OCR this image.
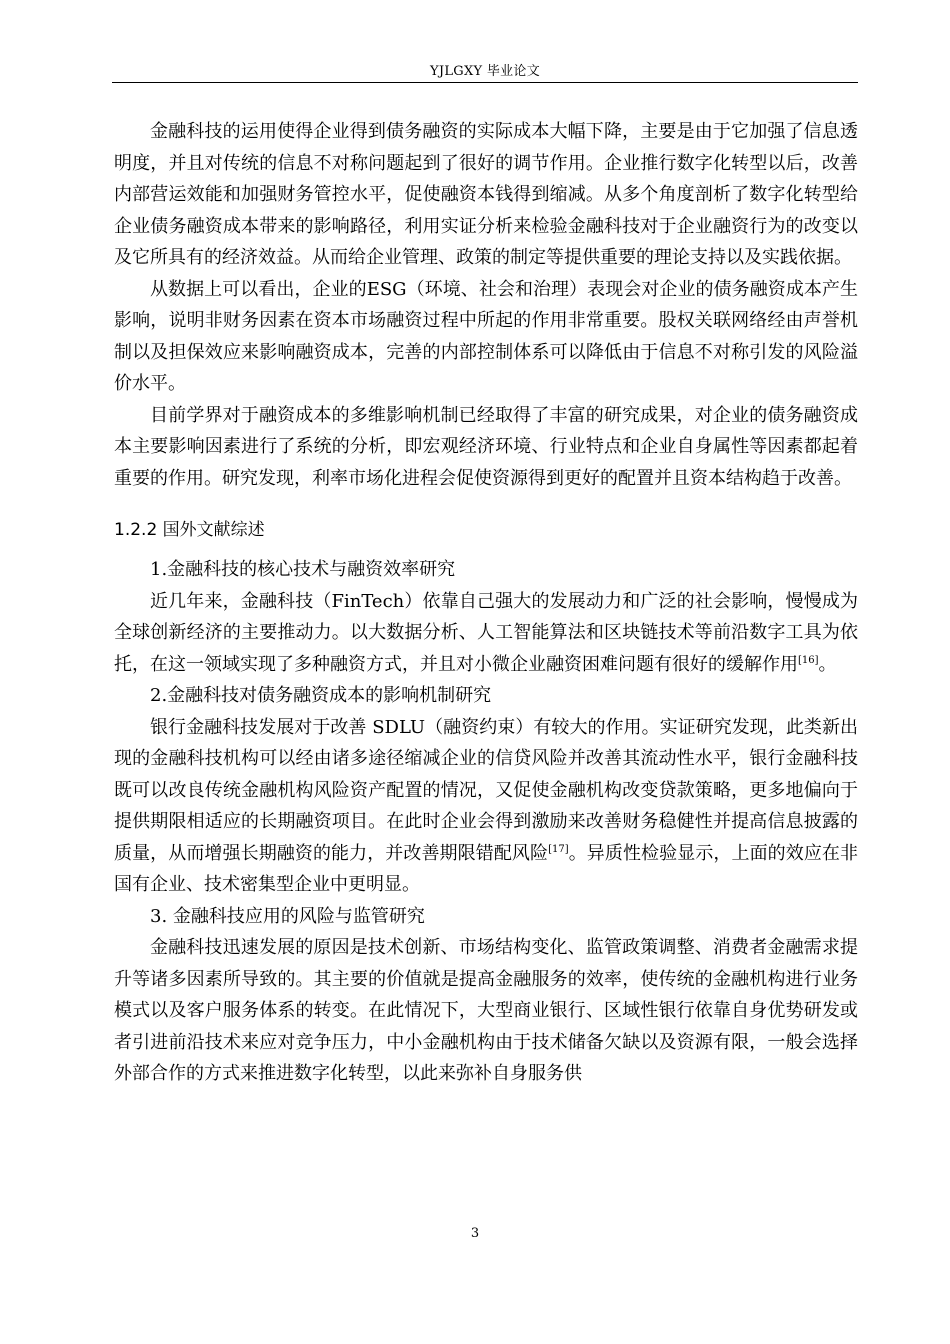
YJLGXY 毕业论文

金融科技的运用使得企业得到债务融资的实际成本大幅下降，主要是由于它加强了信息透明度，并且对传统的信息不对称问题起到了很好的调节作用。企业推行数字化转型以后，改善内部营运效能和加强财务管控水平，促使融资本钱得到缩减。从多个角度剖析了数字化转型给企业债务融资成本带来的影响路径，利用实证分析来检验金融科技对于企业融资行为的改变以及它所具有的经济效益。从而给企业管理、政策的制定等提供重要的理论支持以及实践依据。

从数据上可以看出，企业的ESG（环境、社会和治理）表现会对企业的债务融资成本产生影响，说明非财务因素在资本市场融资过程中所起的作用非常重要。股权关联网络经由声誉机制以及担保效应来影响融资成本，完善的内部控制体系可以降低由于信息不对称引发的风险溢价水平。

目前学界对于融资成本的多维影响机制已经取得了丰富的研究成果，对企业的债务融资成本主要影响因素进行了系统的分析，即宏观经济环境、行业特点和企业自身属性等因素都起着重要的作用。研究发现，利率市场化进程会促使资源得到更好的配置并且资本结构趋于改善。

1.2.2 国外文献综述

1.金融科技的核心技术与融资效率研究

近几年来，金融科技（FinTech）依靠自己强大的发展动力和广泛的社会影响，慢慢成为全球创新经济的主要推动力。以大数据分析、人工智能算法和区块链技术等前沿数字工具为依托，在这一领域实现了多种融资方式，并且对小微企业融资困难问题有很好的缓解作用[16]。

2.金融科技对债务融资成本的影响机制研究

银行金融科技发展对于改善 SDLU（融资约束）有较大的作用。实证研究发现，此类新出现的金融科技机构可以经由诸多途径缩减企业的信贷风险并改善其流动性水平，银行金融科技既可以改良传统金融机构风险资产配置的情况，又促使金融机构改变贷款策略，更多地偏向于提供期限相适应的长期融资项目。在此时企业会得到激励来改善财务稳健性并提高信息披露的质量，从而增强长期融资的能力，并改善期限错配风险[17]。异质性检验显示，上面的效应在非国有企业、技术密集型企业中更明显。

3. 金融科技应用的风险与监管研究

金融科技迅速发展的原因是技术创新、市场结构变化、监管政策调整、消费者金融需求提升等诸多因素所导致的。其主要的价值就是提高金融服务的效率，使传统的金融机构进行业务模式以及客户服务体系的转变。在此情况下，大型商业银行、区域性银行依靠自身优势研发或者引进前沿技术来应对竞争压力，中小金融机构由于技术储备欠缺以及资源有限，一般会选择外部合作的方式来推进数字化转型，以此来弥补自身服务供

3
